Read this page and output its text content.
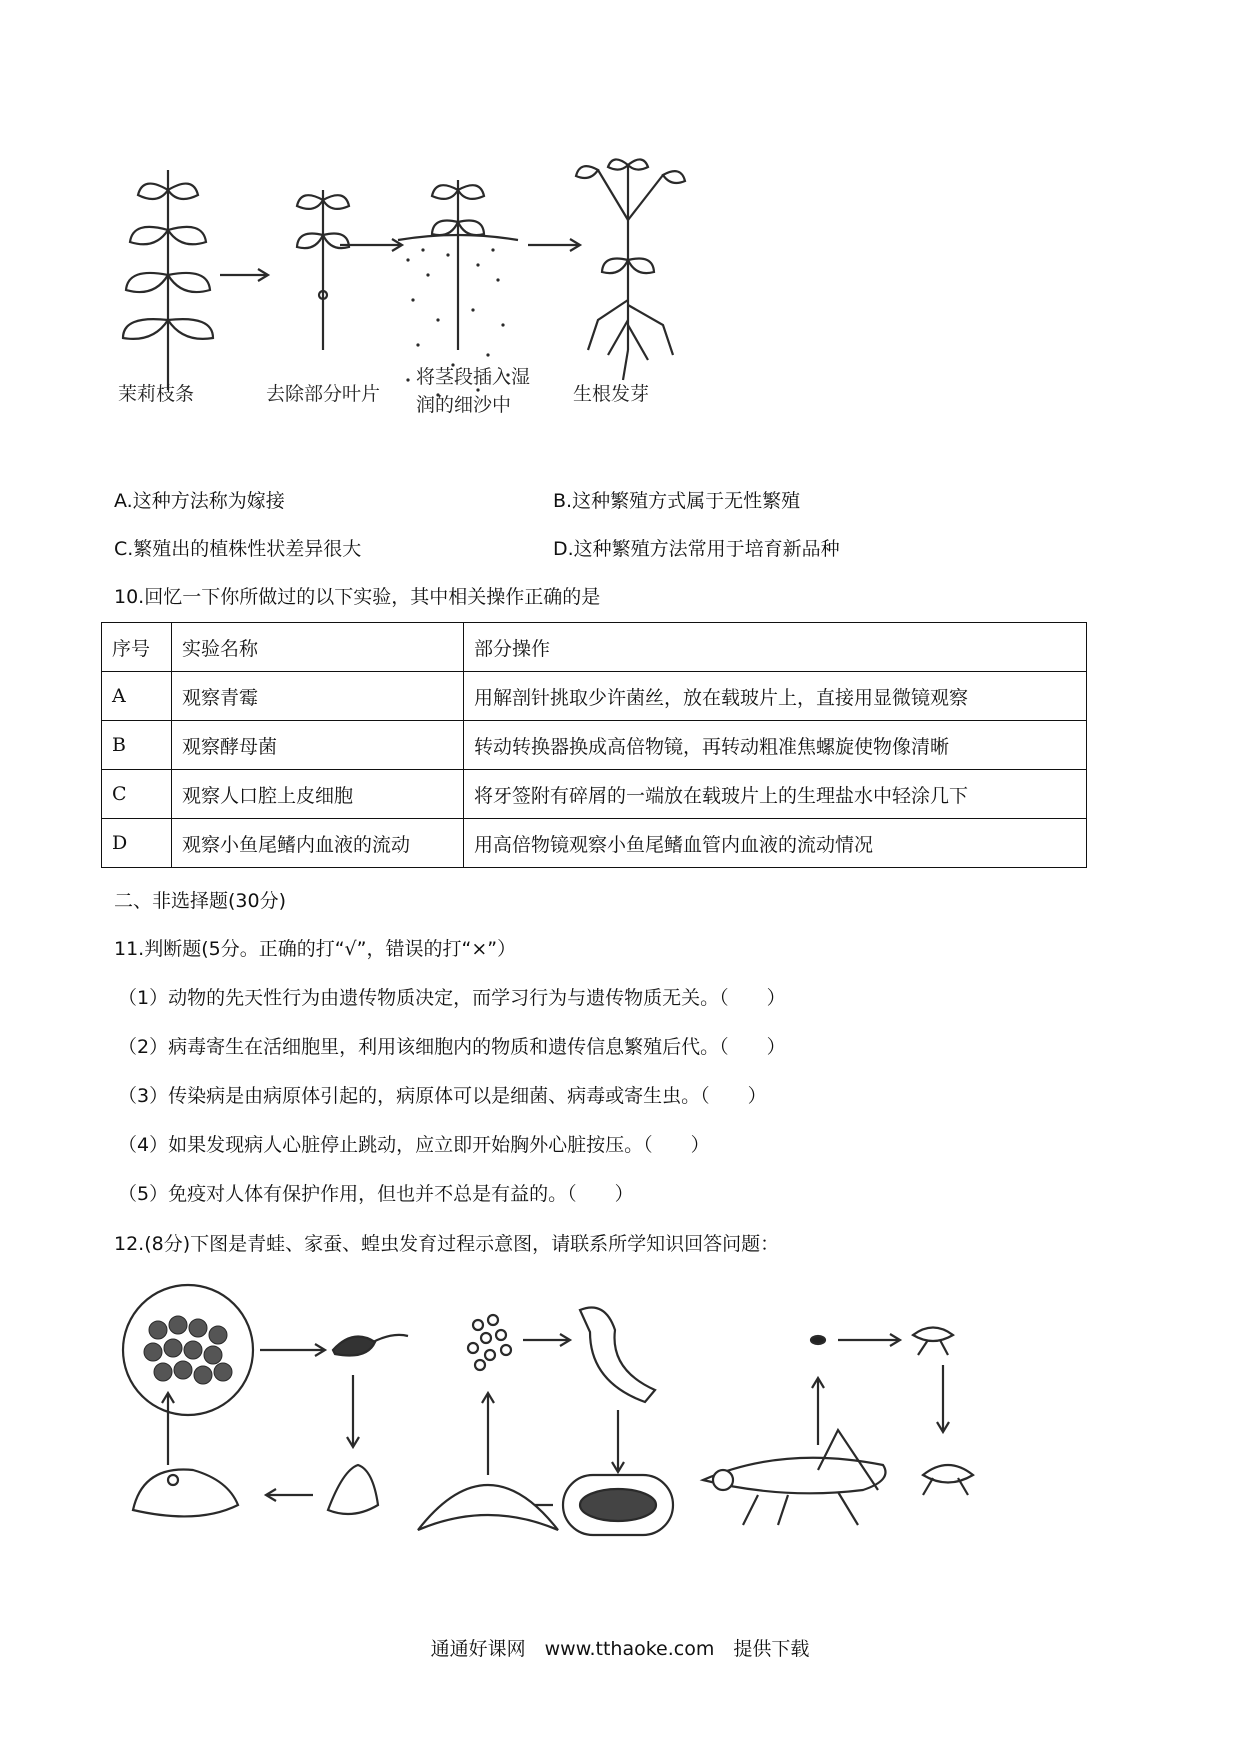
茉莉枝条	去除部分叶片
将茎段插入湿
润的细沙中	生根发芽
A.这种方法称为嫁接	B.这种繁殖方式属于无性繁殖
C.繁殖出的植株性状差异很大	D.这种繁殖方法常用于培育新品种
10.回忆一下你所做过的以下实验，其中相关操作正确的是
序号	实验名称	部分操作
A	观察青霉	用解剖针挑取少许菌丝，放在载玻片上，直接用显微镜观察
B	观察酵母菌	转动转换器换成高倍物镜，再转动粗准焦螺旋使物像清晰
C	观察人口腔上皮细胞	将牙签附有碎屑的一端放在载玻片上的生理盐水中轻涂几下
D	观察小鱼尾鳍内血液的流动	用高倍物镜观察小鱼尾鳍血管内血液的流动情况
二、非选择题(30分)
11.判断题(5分。正确的打“√”，错误的打“×”）
（1）动物的先天性行为由遗传物质决定，而学习行为与遗传物质无关。（　　）
（2）病毒寄生在活细胞里，利用该细胞内的物质和遗传信息繁殖后代。（　　）
（3）传染病是由病原体引起的，病原体可以是细菌、病毒或寄生虫。（　　）
（4）如果发现病人心脏停止跳动，应立即开始胸外心脏按压。（　　）
（5）免疫对人体有保护作用，但也并不总是有益的。（　　）
12.(8分)下图是青蛙、家蚕、蝗虫发育过程示意图，请联系所学知识回答问题：
通通好课网　www.tthaoke.com　提供下载
